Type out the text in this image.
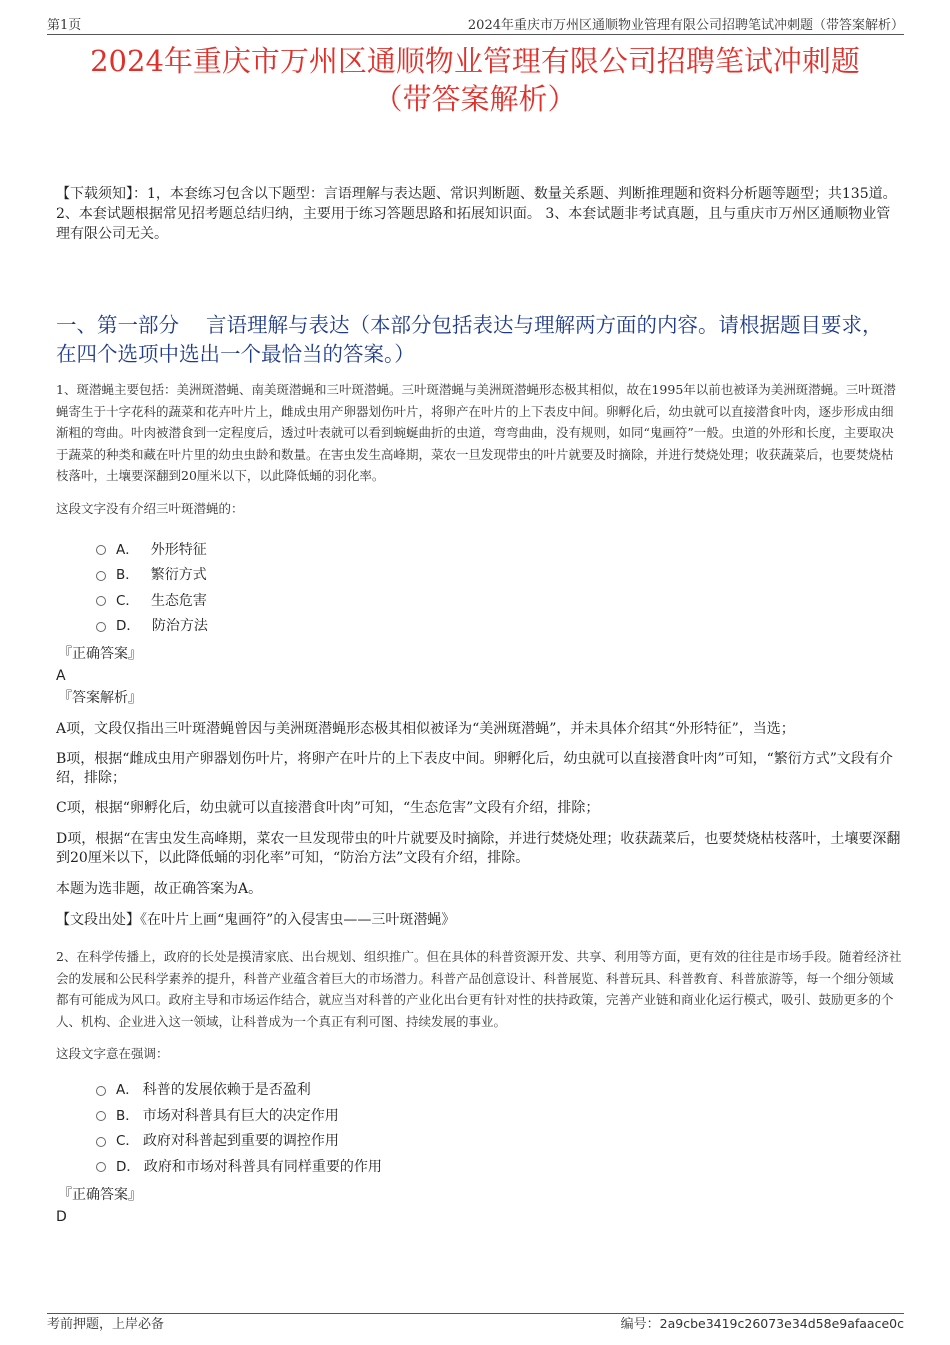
第1页	2024年重庆市万州区通顺物业管理有限公司招聘笔试冲刺题（带答案解析）
2024年重庆市万州区通顺物业管理有限公司招聘笔试冲刺题
（带答案解析）

【下载须知】：1，本套练习包含以下题型：言语理解与表达题、常识判断题、数量关系题、判断推理题和资料分析题等题型；共135道。 2、本套试题根据常见招考题总结归纳，主要用于练习答题思路和拓展知识面。 3、本套试题非考试真题，且与重庆市万州区通顺物业管理有限公司无关。

一、第一部分　 言语理解与表达（本部分包括表达与理解两方面的内容。请根据题目要求，在四个选项中选出一个最恰当的答案。）

1、斑潜蝇主要包括：美洲斑潜蝇、南美斑潜蝇和三叶斑潜蝇。三叶斑潜蝇与美洲斑潜蝇形态极其相似，故在1995年以前也被译为美洲斑潜蝇。三叶斑潜蝇寄生于十字花科的蔬菜和花卉叶片上，雌成虫用产卵器划伤叶片，将卵产在叶片的上下表皮中间。卵孵化后，幼虫就可以直接潜食叶肉，逐步形成由细渐粗的弯曲。叶肉被潜食到一定程度后，透过叶表就可以看到蜿蜒曲折的虫道，弯弯曲曲，没有规则，如同“鬼画符”一般。虫道的外形和长度，主要取决于蔬菜的种类和藏在叶片里的幼虫虫龄和数量。在害虫发生高峰期，菜农一旦发现带虫的叶片就要及时摘除，并进行焚烧处理；收获蔬菜后，也要焚烧枯枝落叶，土壤要深翻到20厘米以下，以此降低蛹的羽化率。

这段文字没有介绍三叶斑潜蝇的：

A． 外形特征
B． 繁衍方式
C． 生态危害
D． 防治方法

『正确答案』

A

『答案解析』

A项，文段仅指出三叶斑潜蝇曾因与美洲斑潜蝇形态极其相似被译为“美洲斑潜蝇”，并未具体介绍其“外形特征”，当选；

B项，根据“雌成虫用产卵器划伤叶片，将卵产在叶片的上下表皮中间。卵孵化后，幼虫就可以直接潜食叶肉”可知，“繁衍方式”文段有介绍，排除；

C项，根据“卵孵化后，幼虫就可以直接潜食叶肉”可知，“生态危害”文段有介绍，排除；

D项，根据“在害虫发生高峰期，菜农一旦发现带虫的叶片就要及时摘除，并进行焚烧处理；收获蔬菜后，也要焚烧枯枝落叶，土壤要深翻到20厘米以下，以此降低蛹的羽化率”可知，“防治方法”文段有介绍，排除。

本题为选非题，故正确答案为A。

【文段出处】《在叶片上画“鬼画符”的入侵害虫——三叶斑潜蝇》

2、在科学传播上，政府的长处是摸清家底、出台规划、组织推广。但在具体的科普资源开发、共享、利用等方面，更有效的往往是市场手段。随着经济社会的发展和公民科学素养的提升，科普产业蕴含着巨大的市场潜力。科普产品创意设计、科普展览、科普玩具、科普教育、科普旅游等，每一个细分领域都有可能成为风口。政府主导和市场运作结合，就应当对科普的产业化出台更有针对性的扶持政策，完善产业链和商业化运行模式，吸引、鼓励更多的个人、机构、企业进入这一领域，让科普成为一个真正有利可图、持续发展的事业。

这段文字意在强调：

A． 科普的发展依赖于是否盈利
B． 市场对科普具有巨大的决定作用
C． 政府对科普起到重要的调控作用
D． 政府和市场对科普具有同样重要的作用

『正确答案』

D

考前押题，上岸必备	编号：2a9cbe3419c26073e34d58e9afaace0c
